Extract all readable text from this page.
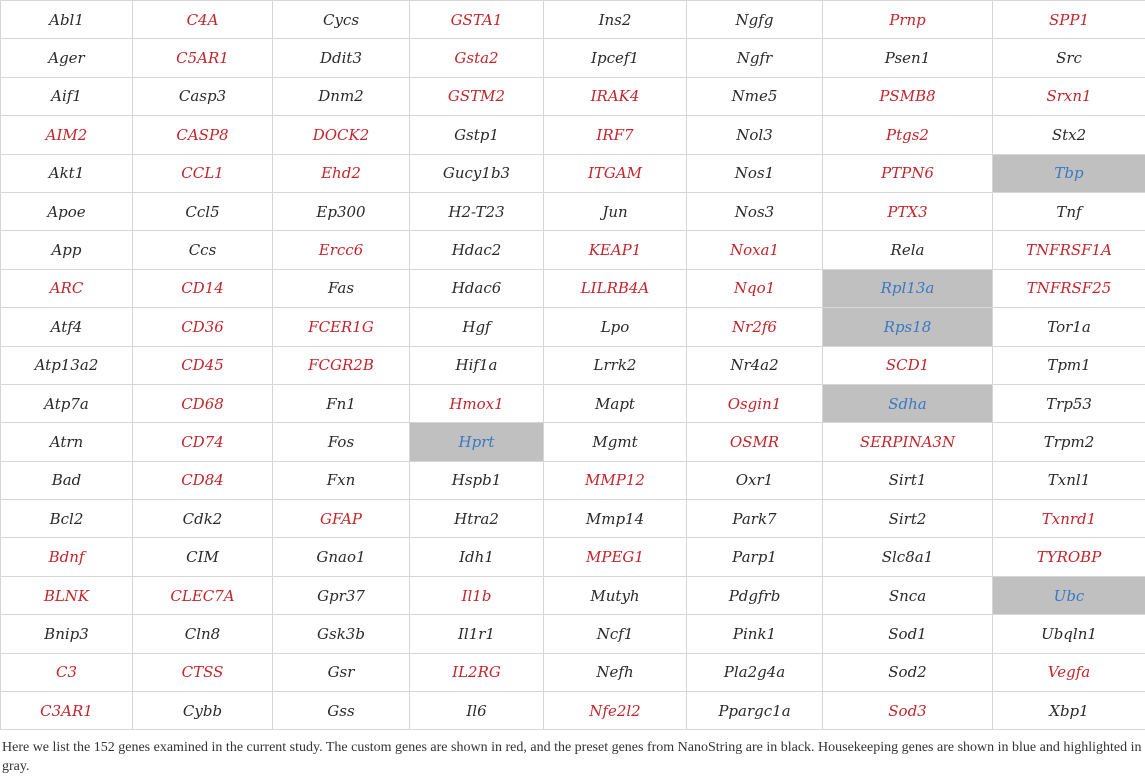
Abl1	C4A	Cycs	GSTA1	Ins2	Ngfg	Prnp	SPP1
Ager	C5AR1	Ddit3	Gsta2	Ipcef1	Ngfr	Psen1	Src
Aif1	Casp3	Dnm2	GSTM2	IRAK4	Nme5	PSMB8	Srxn1
AIM2	CASP8	DOCK2	Gstp1	IRF7	Nol3	Ptgs2	Stx2
Akt1	CCL1	Ehd2	Gucy1b3	ITGAM	Nos1	PTPN6	Tbp
Apoe	Ccl5	Ep300	H2-T23	Jun	Nos3	PTX3	Tnf
App	Ccs	Ercc6	Hdac2	KEAP1	Noxa1	Rela	TNFRSF1A
ARC	CD14	Fas	Hdac6	LILRB4A	Nqo1	Rpl13a	TNFRSF25
Atf4	CD36	FCER1G	Hgf	Lpo	Nr2f6	Rps18	Tor1a
Atp13a2	CD45	FCGR2B	Hif1a	Lrrk2	Nr4a2	SCD1	Tpm1
Atp7a	CD68	Fn1	Hmox1	Mapt	Osgin1	Sdha	Trp53
Atrn	CD74	Fos	Hprt	Mgmt	OSMR	SERPINA3N	Trpm2
Bad	CD84	Fxn	Hspb1	MMP12	Oxr1	Sirt1	Txnl1
Bcl2	Cdk2	GFAP	Htra2	Mmp14	Park7	Sirt2	Txnrd1
Bdnf	CIM	Gnao1	Idh1	MPEG1	Parp1	Slc8a1	TYROBP
BLNK	CLEC7A	Gpr37	Il1b	Mutyh	Pdgfrb	Snca	Ubc
Bnip3	Cln8	Gsk3b	Il1r1	Ncf1	Pink1	Sod1	Ubqln1
C3	CTSS	Gsr	IL2RG	Nefh	Pla2g4a	Sod2	Vegfa
C3AR1	Cybb	Gss	Il6	Nfe2l2	Ppargc1a	Sod3	Xbp1

Here we list the 152 genes examined in the current study. The custom genes are shown in red, and the preset genes from NanoString are in black. Housekeeping genes are shown in blue and highlighted in gray.
